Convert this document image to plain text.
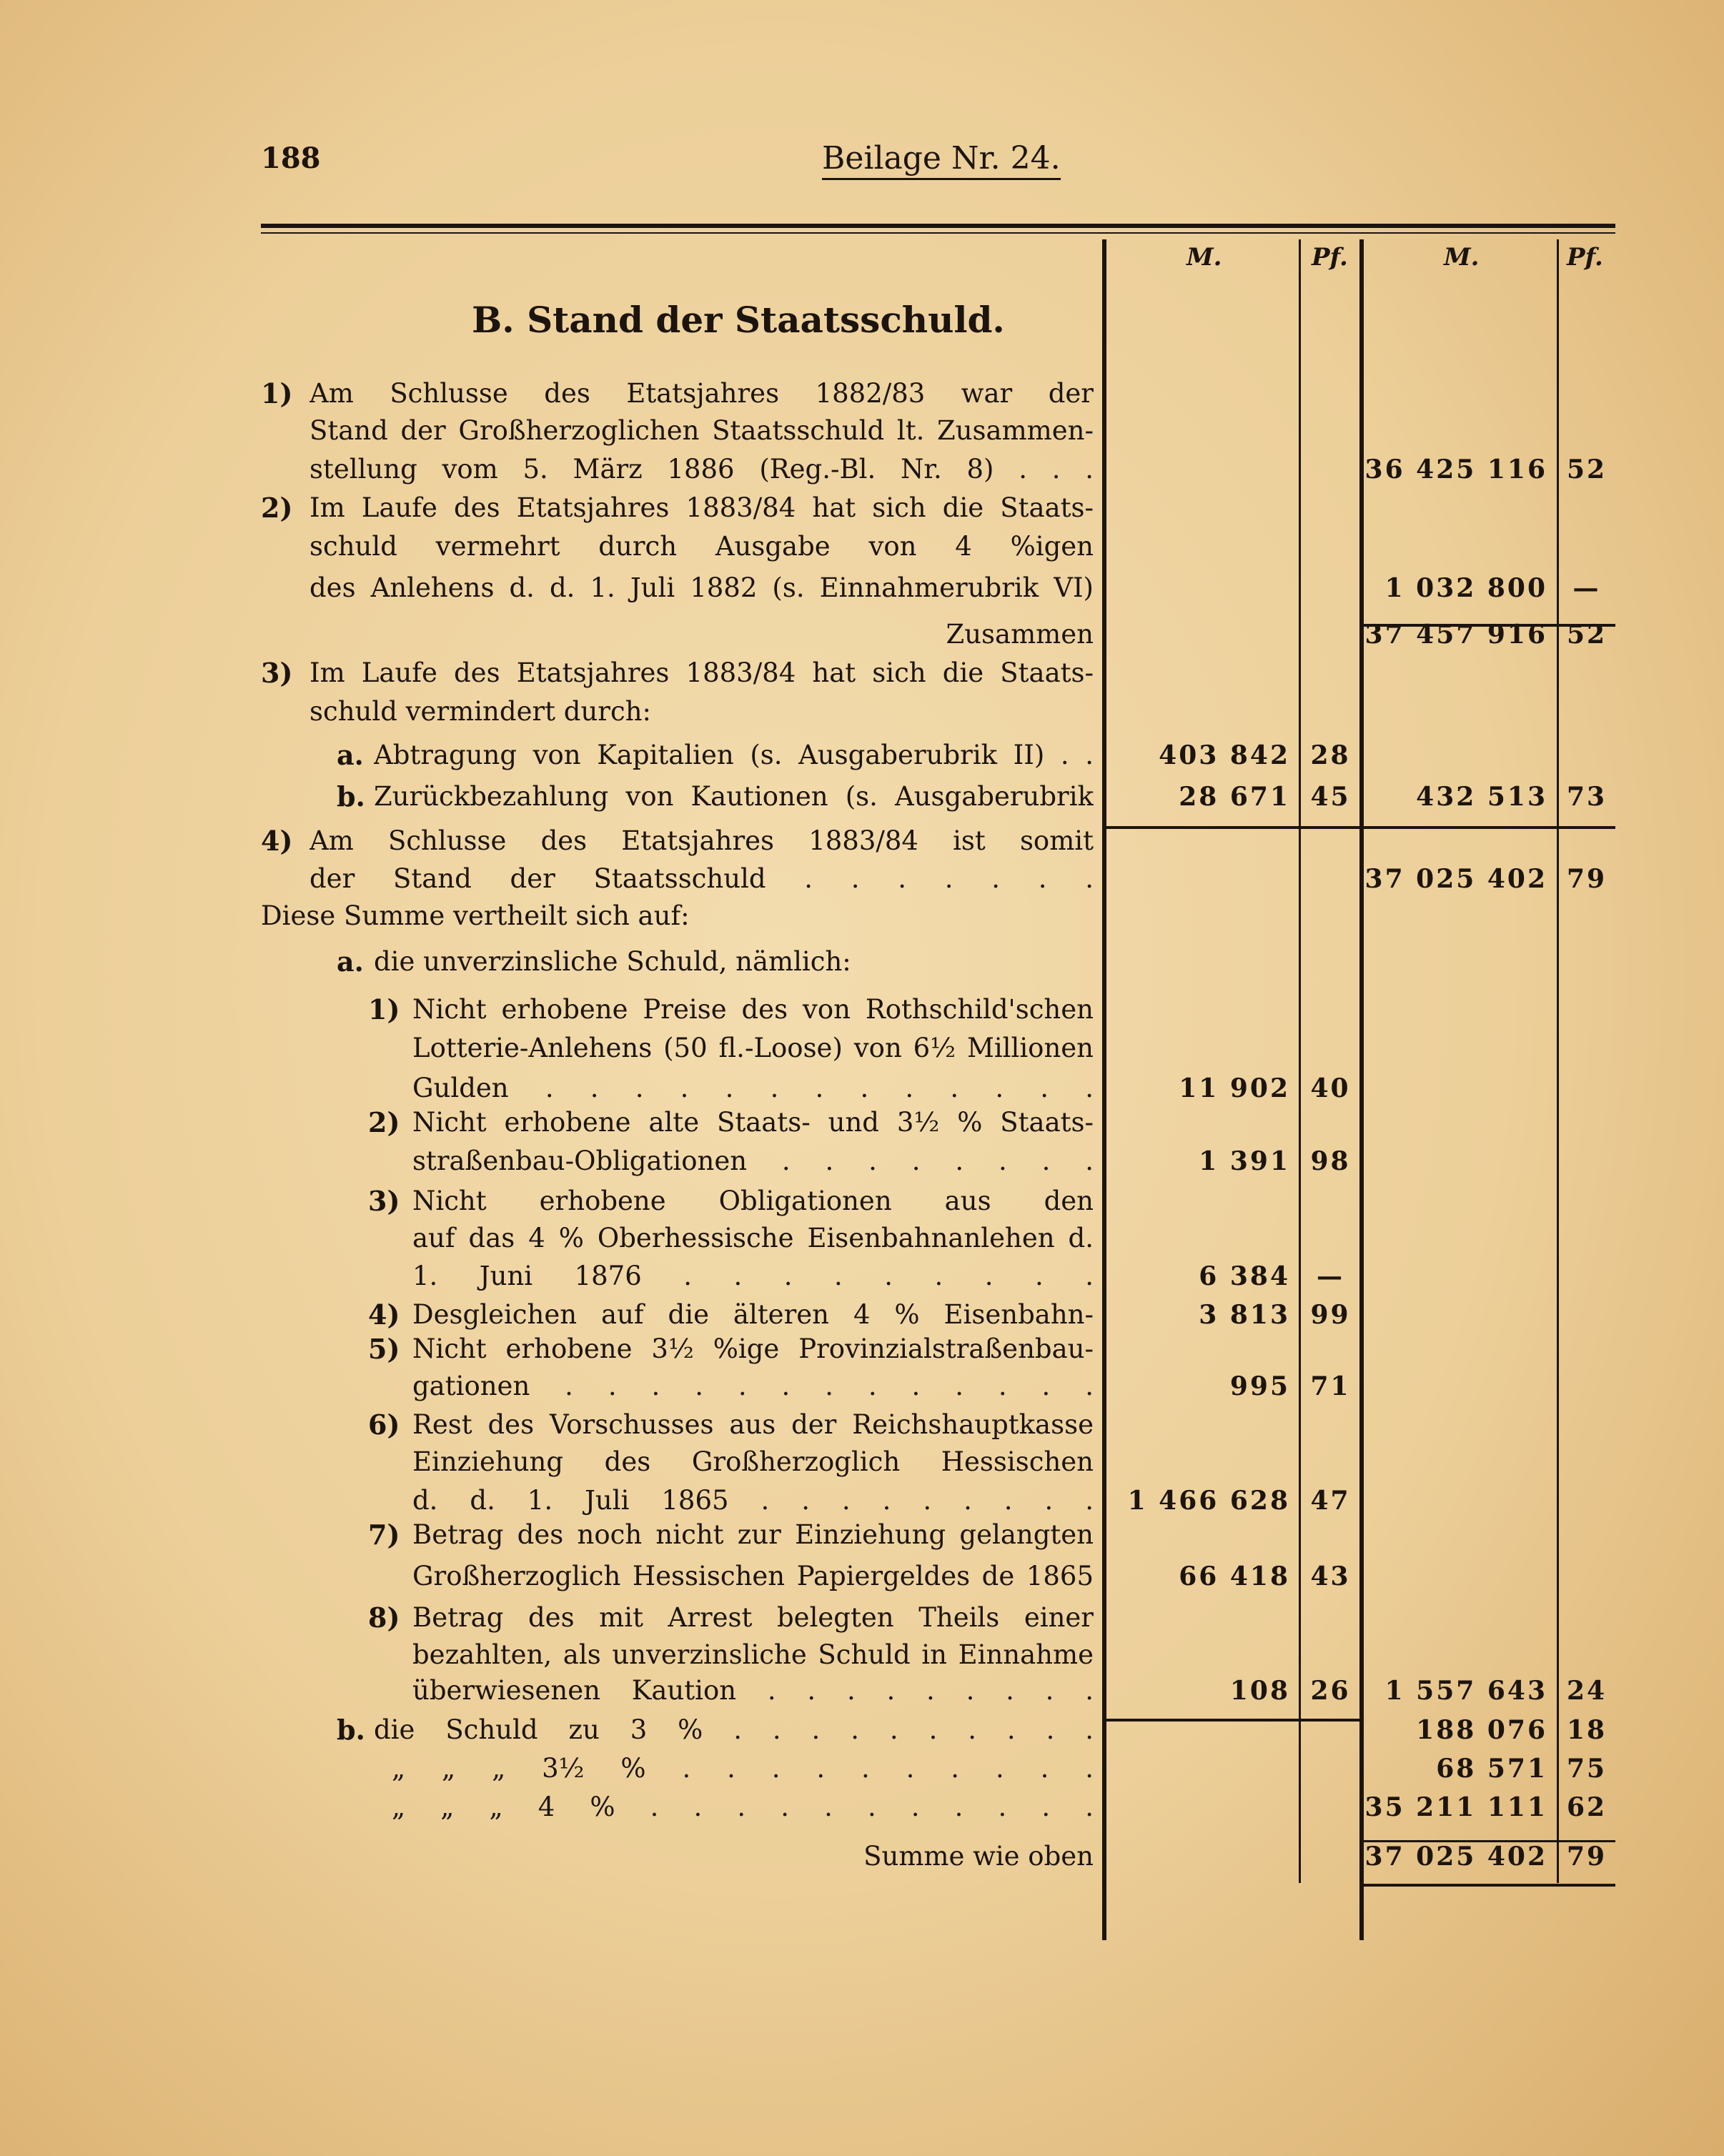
188	Beilage Nr. 24.
B. Stand der Staatsschuld.
M.	Pf.	M.	Pf.
1) Am Schlusse des Etatsjahres 1882/83 war der
Stand der Großherzoglichen Staatsschuld lt. Zusammen-
stellung vom 5. März 1886 (Reg.-Bl. Nr. 8) . . .	36 425 116 52
2) Im Laufe des Etatsjahres 1883/84 hat sich die Staats-
schuld vermehrt durch Ausgabe von 4 %igen
des Anlehens d. d. 1. Juli 1882 (s. Einnahmerubrik VI)	1 032 800 —
Zusammen	37 457 916 52
3) Im Laufe des Etatsjahres 1883/84 hat sich die Staats-
schuld vermindert durch:
a. Abtragung von Kapitalien (s. Ausgaberubrik II) . .	403 842 28
b. Zurückbezahlung von Kautionen (s. Ausgaberubrik	28 671 45	432 513 73
4) Am Schlusse des Etatsjahres 1883/84 ist somit
der Stand der Staatsschuld . . . . . . .	37 025 402 79
Diese Summe vertheilt sich auf:
a. die unverzinsliche Schuld, nämlich:
1) Nicht erhobene Preise des von Rothschild'schen
Lotterie-Anlehens (50 fl.-Loose) von 6½ Millionen
Gulden . . . . . . . . . . . . .	11 902 40
2) Nicht erhobene alte Staats- und 3½ % Staats-
straßenbau-Obligationen . . . . . . . .	1 391 98
3) Nicht erhobene Obligationen aus den
auf das 4 % Oberhessische Eisenbahnanlehen d.
1. Juni 1876 . . . . . . . . .	6 384	—
4) Desgleichen auf die älteren 4 % Eisenbahn-	3 813 99
5) Nicht erhobene 3½ %ige Provinzialstraßenbau-
gationen . . . . . . . . . . . . .	995 71
6) Rest des Vorschusses aus der Reichshauptkasse
Einziehung des Großherzoglich Hessischen
d. d. 1. Juli 1865 . . . . . . . . .	1 466 628 47
7) Betrag des noch nicht zur Einziehung gelangten
Großherzoglich Hessischen Papiergeldes de 1865	66 418 43
8) Betrag des mit Arrest belegten Theils einer
bezahlten, als unverzinsliche Schuld in Einnahme
überwiesenen Kaution . . . . . . . . .	108 26	1 557 643 24
b. die Schuld zu 3 % . . . . . . . . . .	188 076 18
„ „ „ 3½ % . . . . . . . . . .	68 571 75
„ „ „ 4 % . . . . . . . . . . .	35 211 111 62
Summe wie oben	37 025 402 79
